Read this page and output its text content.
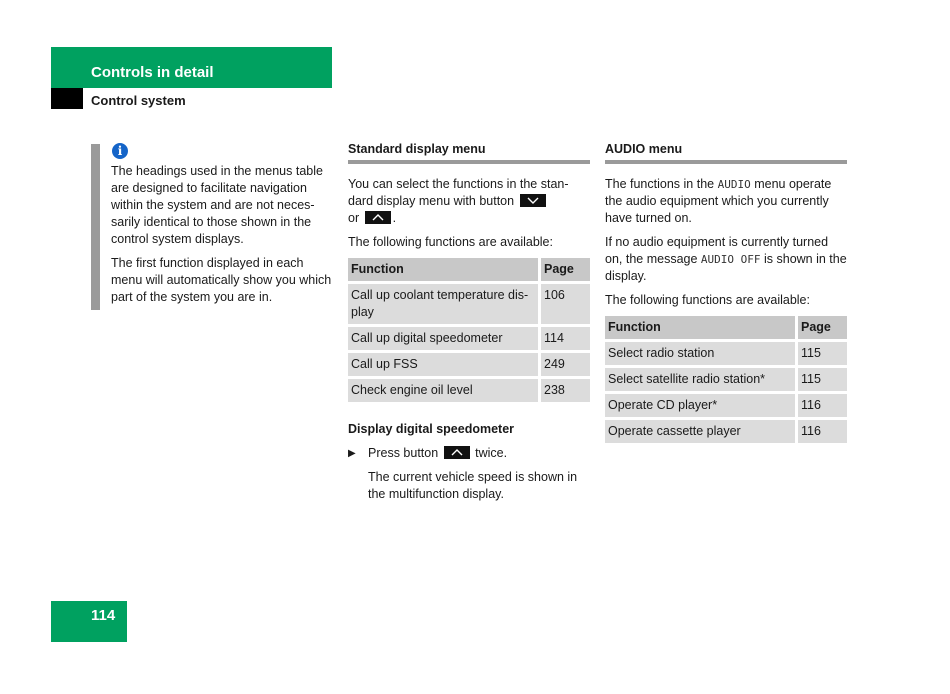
Controls in detail
Control system
i

The headings used in the menus table are designed to facilitate navigation within the system and are not neces-sarily identical to those shown in the control system displays.

The first function displayed in each menu will automatically show you which part of the system you are in.

Standard display menu

You can select the functions in the stan-dard display menu with button

or	.

The following functions are available:

Function	Page
Call up coolant temperature dis-play	106
Call up digital speedometer	114
Call up FSS	249
Check engine oil level	238

Display digital speedometer

▶ Press button	twice.

The current vehicle speed is shown in the multifunction display.

AUDIO menu

The functions in the AUDIO menu operate the audio equipment which you currently have turned on.

If no audio equipment is currently turned on, the message AUDIO OFF is shown in the display.

The following functions are available:

Function	Page
Select radio station	115
Select satellite radio station*	115
Operate CD player*	116
Operate cassette player	116
114
